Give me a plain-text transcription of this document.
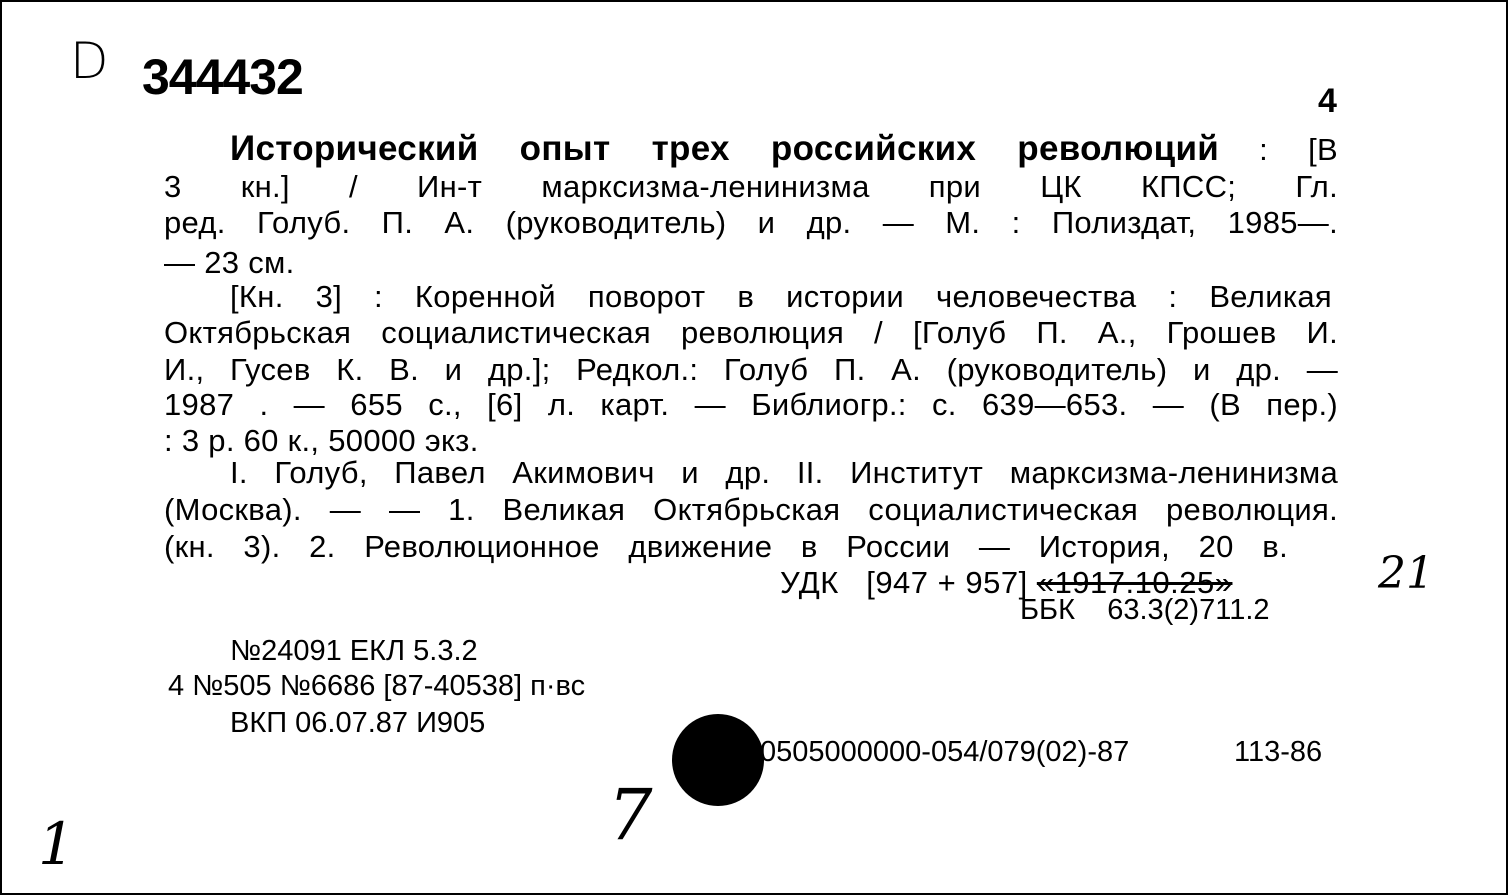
D 344432	4
Исторический опыт трех российских революций : [В
3 кн.] / Ин-т марксизма-ленинизма при ЦК КПСС; Гл.
ред. Голуб. П. А. (руководитель) и др. — М. : Полиздат, 1985—.
— 23 см.
[Кн. 3] : Коренной поворот в истории человечества : Великая
Октябрьская социалистическая революция / [Голуб П. А., Грошев И.
И., Гусев К. В. и др.]; Редкол.: Голуб П. А. (руководитель) и др. —
1987 . — 655 с., [6] л. карт. — Библиогр.: с. 639—653. — (В пер.)
: 3 р. 60 к., 50000 экз.
I. Голуб, Павел Акимович и др. II. Институт марксизма-ленинизма
(Москва). — — 1. Великая Октябрьская социалистическая революция.
(кн. 3). 2. Революционное движение в России — История, 20 в.
УДК [947 + 957] «1917.10.25»	21
ББК 63.3(2)711.2
№24091 ЕКЛ 5.3.2
4 №505 №6686 [87-40538] п·вс
ВКП 06.07.87 И905
0505000000-054/079(02)-87	113-86
1	7
